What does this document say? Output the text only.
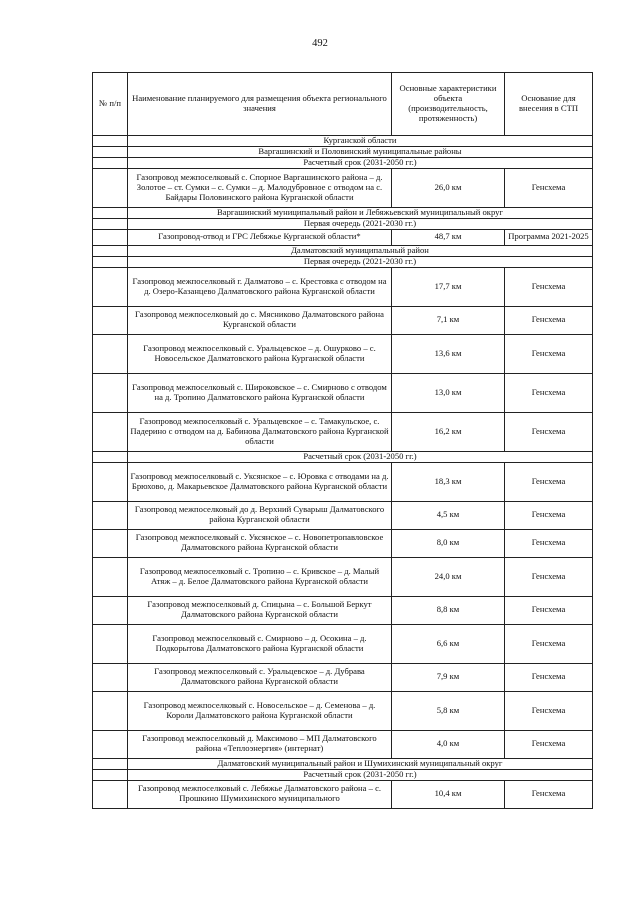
492
№ п/п	Наименование планируемого для размещения объекта регионального значения	Основные характеристики объекта (производительность, протяженность)	Основание для внесения в СТП
	Курганской области		
	Варгашинский и Половинский муниципальные районы		
	Расчетный срок (2031-2050 гг.)		
	Газопровод межпоселковый с. Спорное Варгашинского района – д. Золотое – ст. Сумки – с. Сумки – д. Малодубровное с отводом на с. Байдары Половинского района Курганской области	26,0 км	Генсхема
	Варгашинский муниципальный район и Лебяжьевский муниципальный округ		
	Первая очередь (2021-2030 гг.)		
	Газопровод-отвод и ГРС Лебяжье Курганской области*	48,7 км	Программа 2021-2025
	Далматовский муниципальный район		
	Первая очередь (2021-2030 гг.)		
	Газопровод межпоселковый г. Далматово – с. Крестовка с отводом на д. Озеро-Казанцево Далматовского района Курганской области	17,7 км	Генсхема
	Газопровод межпоселковый до с. Мясниково Далматовского района Курганской области	7,1 км	Генсхема
	Газопровод межпоселковый с. Уральцевское – д. Ошурково – с. Новосельское Далматовского района Курганской области	13,6 км	Генсхема
	Газопровод межпоселковый с. Широковское – с. Смирново с отводом на д. Тропино Далматовского района Курганской области	13,0 км	Генсхема
	Газопровод межпоселковый с. Уральцевское – с. Тамакульское, с. Падерино с отводом на д. Бабинова Далматовского района Курганской области	16,2 км	Генсхема
	Расчетный срок (2031-2050 гг.)		
	Газопровод межпоселковый с. Уксянское – с. Юровка с отводами на д. Брюхово, д. Макарьевское Далматовского района Курганской области	18,3 км	Генсхема
	Газопровод межпоселковый до д. Верхний Суварыш Далматовского района Курганской области	4,5 км	Генсхема
	Газопровод межпоселковый с. Уксянское – с. Новопетропавловское Далматовского района Курганской области	8,0 км	Генсхема
	Газопровод межпоселковый с. Тропино – с. Кривское – д. Малый Атяж – д. Белое Далматовского района Курганской области	24,0 км	Генсхема
	Газопровод межпоселковый д. Спицына – с. Большой Беркут Далматовского района Курганской области	8,8 км	Генсхема
	Газопровод межпоселковый с. Смирново – д. Осокина – д. Подкорытова Далматовского района Курганской области	6,6 км	Генсхема
	Газопровод межпоселковый с. Уральцевское – д. Дубрава Далматовского района Курганской области	7,9 км	Генсхема
	Газопровод межпоселковый с. Новосельское – д. Семенова – д. Короли Далматовского района Курганской области	5,8 км	Генсхема
	Газопровод межпоселковый д. Максимово – МП Далматовского района «Теплоэнергия» (интернат)	4,0 км	Генсхема
	Далматовский муниципальный район и Шумихинский муниципальный округ		
	Расчетный срок (2031-2050 гг.)		
	Газопровод межпоселковый с. Лебяжье Далматовского района – с. Прошкино Шумихинского муниципального	10,4 км	Генсхема
